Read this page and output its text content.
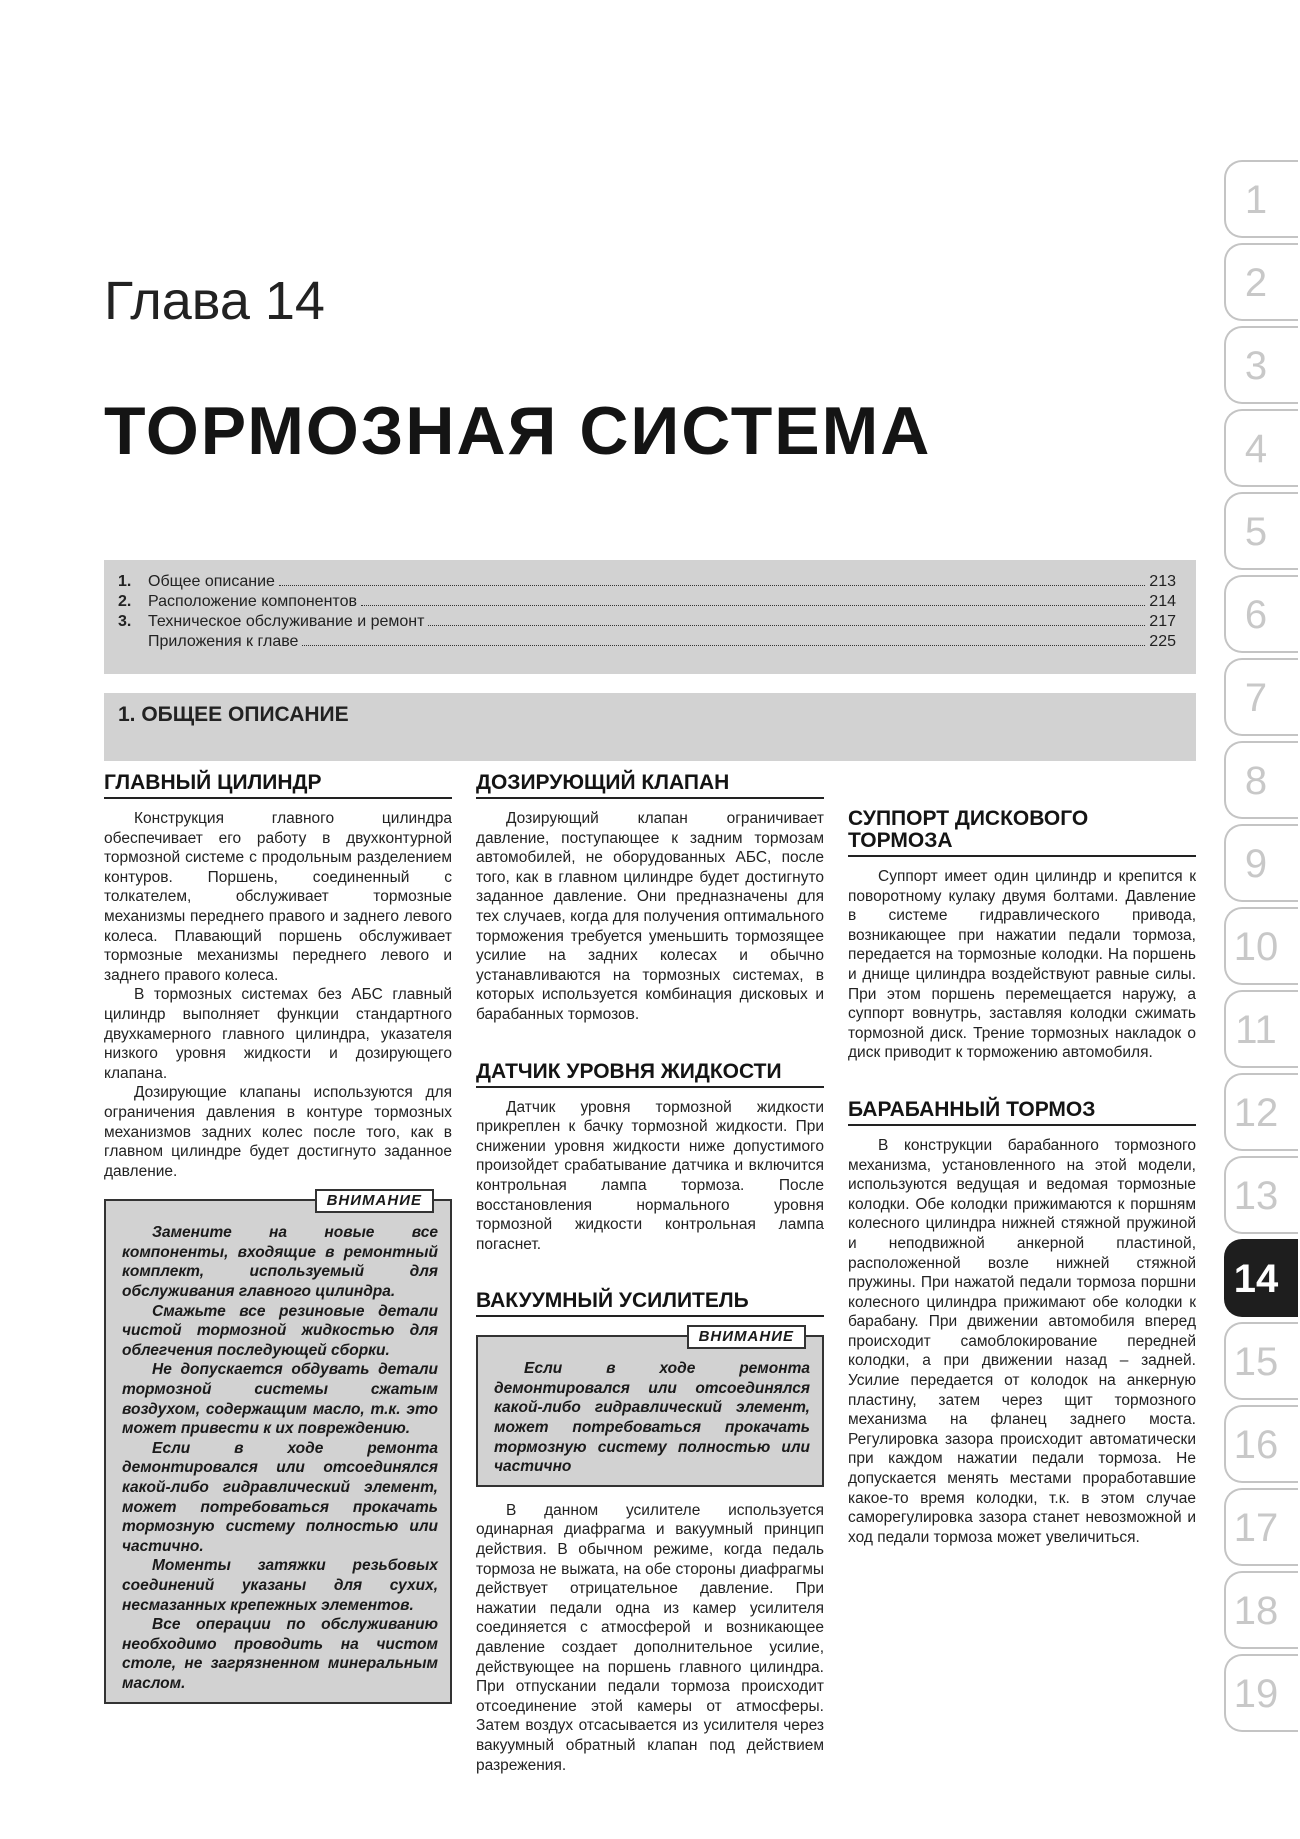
Глава 14
ТОРМОЗНАЯ СИСТЕМА
1.	Общее описание	213
2.	Расположение компонентов	214
3.	Техническое обслуживание и ремонт	217
Приложения к главе	225
1. ОБЩЕЕ ОПИСАНИЕ
ГЛАВНЫЙ ЦИЛИНДР

Конструкция главного цилиндра обеспечивает его работу в двухконтурной тормозной системе с продольным разделением контуров. Поршень, соединенный с толкателем, обслуживает тормозные механизмы переднего правого и заднего левого колеса. Плавающий поршень обслуживает тормозные механизмы переднего левого и заднего правого колеса.

В тормозных системах без АБС главный цилиндр выполняет функции стандартного двухкамерного главного цилиндра, указателя низкого уровня жидкости и дозирующего клапана.

Дозирующие клапаны используются для ограничения давления в контуре тормозных механизмов задних колес после того, как в главном цилиндре будет достигнуто заданное давление.

ВНИМАНИЕ

Замените на новые все компоненты, входящие в ремонтный комплект, используемый для обслуживания главного цилиндра.

Смажьте все резиновые детали чистой тормозной жидкостью для облегчения последующей сборки.

Не допускается обдувать детали тормозной системы сжатым воздухом, содержащим масло, т.к. это может привести к их повреждению.

Если в ходе ремонта демонтировался или отсоединялся какой-либо гидравлический элемент, может потребоваться прокачать тормозную систему полностью или частично.

Моменты затяжки резьбовых соединений указаны для сухих, несмазанных крепежных элементов.

Все операции по обслуживанию необходимо проводить на чистом столе, не загрязненном минеральным маслом.

ДОЗИРУЮЩИЙ КЛАПАН

Дозирующий клапан ограничивает давление, поступающее к задним тормозам автомобилей, не оборудованных АБС, после того, как в главном цилиндре будет достигнуто заданное давление. Они предназначены для тех случаев, когда для получения оптимального торможения требуется уменьшить тормозящее усилие на задних колесах и обычно устанавливаются на тормозных системах, в которых используется комбинация дисковых и барабанных тормозов.

ДАТЧИК УРОВНЯ ЖИДКОСТИ

Датчик уровня тормозной жидкости прикреплен к бачку тормозной жидкости. При снижении уровня жидкости ниже допустимого произойдет срабатывание датчика и включится контрольная лампа тормоза. После восстановления нормального уровня тормозной жидкости контрольная лампа погаснет.

ВАКУУМНЫЙ УСИЛИТЕЛЬ
ВНИМАНИЕ

Если в ходе ремонта демонтировался или отсоединялся какой-либо гидравлический элемент, может потребоваться прокачать тормозную систему полностью или частично

В данном усилителе используется одинарная диафрагма и вакуумный принцип действия. В обычном режиме, когда педаль тормоза не выжата, на обе стороны диафрагмы действует отрицательное давление. При нажатии педали одна из камер усилителя соединяется с атмосферой и возникающее давление создает дополнительное усилие, действующее на поршень главного цилиндра. При отпускании педали тормоза происходит отсоединение этой камеры от атмосферы. Затем воздух отсасывается из усилителя через вакуумный обратный клапан под действием разрежения.

СУППОРТ ДИСКОВОГО ТОРМОЗА

Суппорт имеет один цилиндр и крепится к поворотному кулаку двумя болтами. Давление в системе гидравлического привода, возникающее при нажатии педали тормоза, передается на тормозные колодки. На поршень и днище цилиндра воздействуют равные силы. При этом поршень перемещается наружу, а суппорт вовнутрь, заставляя колодки сжимать тормозной диск. Трение тормозных накладок о диск приводит к торможению автомобиля.

БАРАБАННЫЙ ТОРМОЗ

В конструкции барабанного тормозного механизма, установленного на этой модели, используются ведущая и ведомая тормозные колодки. Обе колодки прижимаются к поршням колесного цилиндра нижней стяжной пружиной и неподвижной анкерной пластиной, расположенной возле нижней стяжной пружины. При нажатой педали тормоза поршни колесного цилиндра прижимают обе колодки к барабану. При движении автомобиля вперед происходит самоблокирование передней колодки, а при движении назад – задней. Усилие передается от колодок на анкерную пластину, затем через щит тормозного механизма на фланец заднего моста. Регулировка зазора происходит автоматически при каждом нажатии педали тормоза. Не допускается менять местами проработавшие какое-то время колодки, т.к. в этом случае саморегулировка зазора станет невозможной и ход педали тормоза может увеличиться.

1
2
3
4
5
6
7
8
9
10
11
12
13
14
15
16
17
18
19
